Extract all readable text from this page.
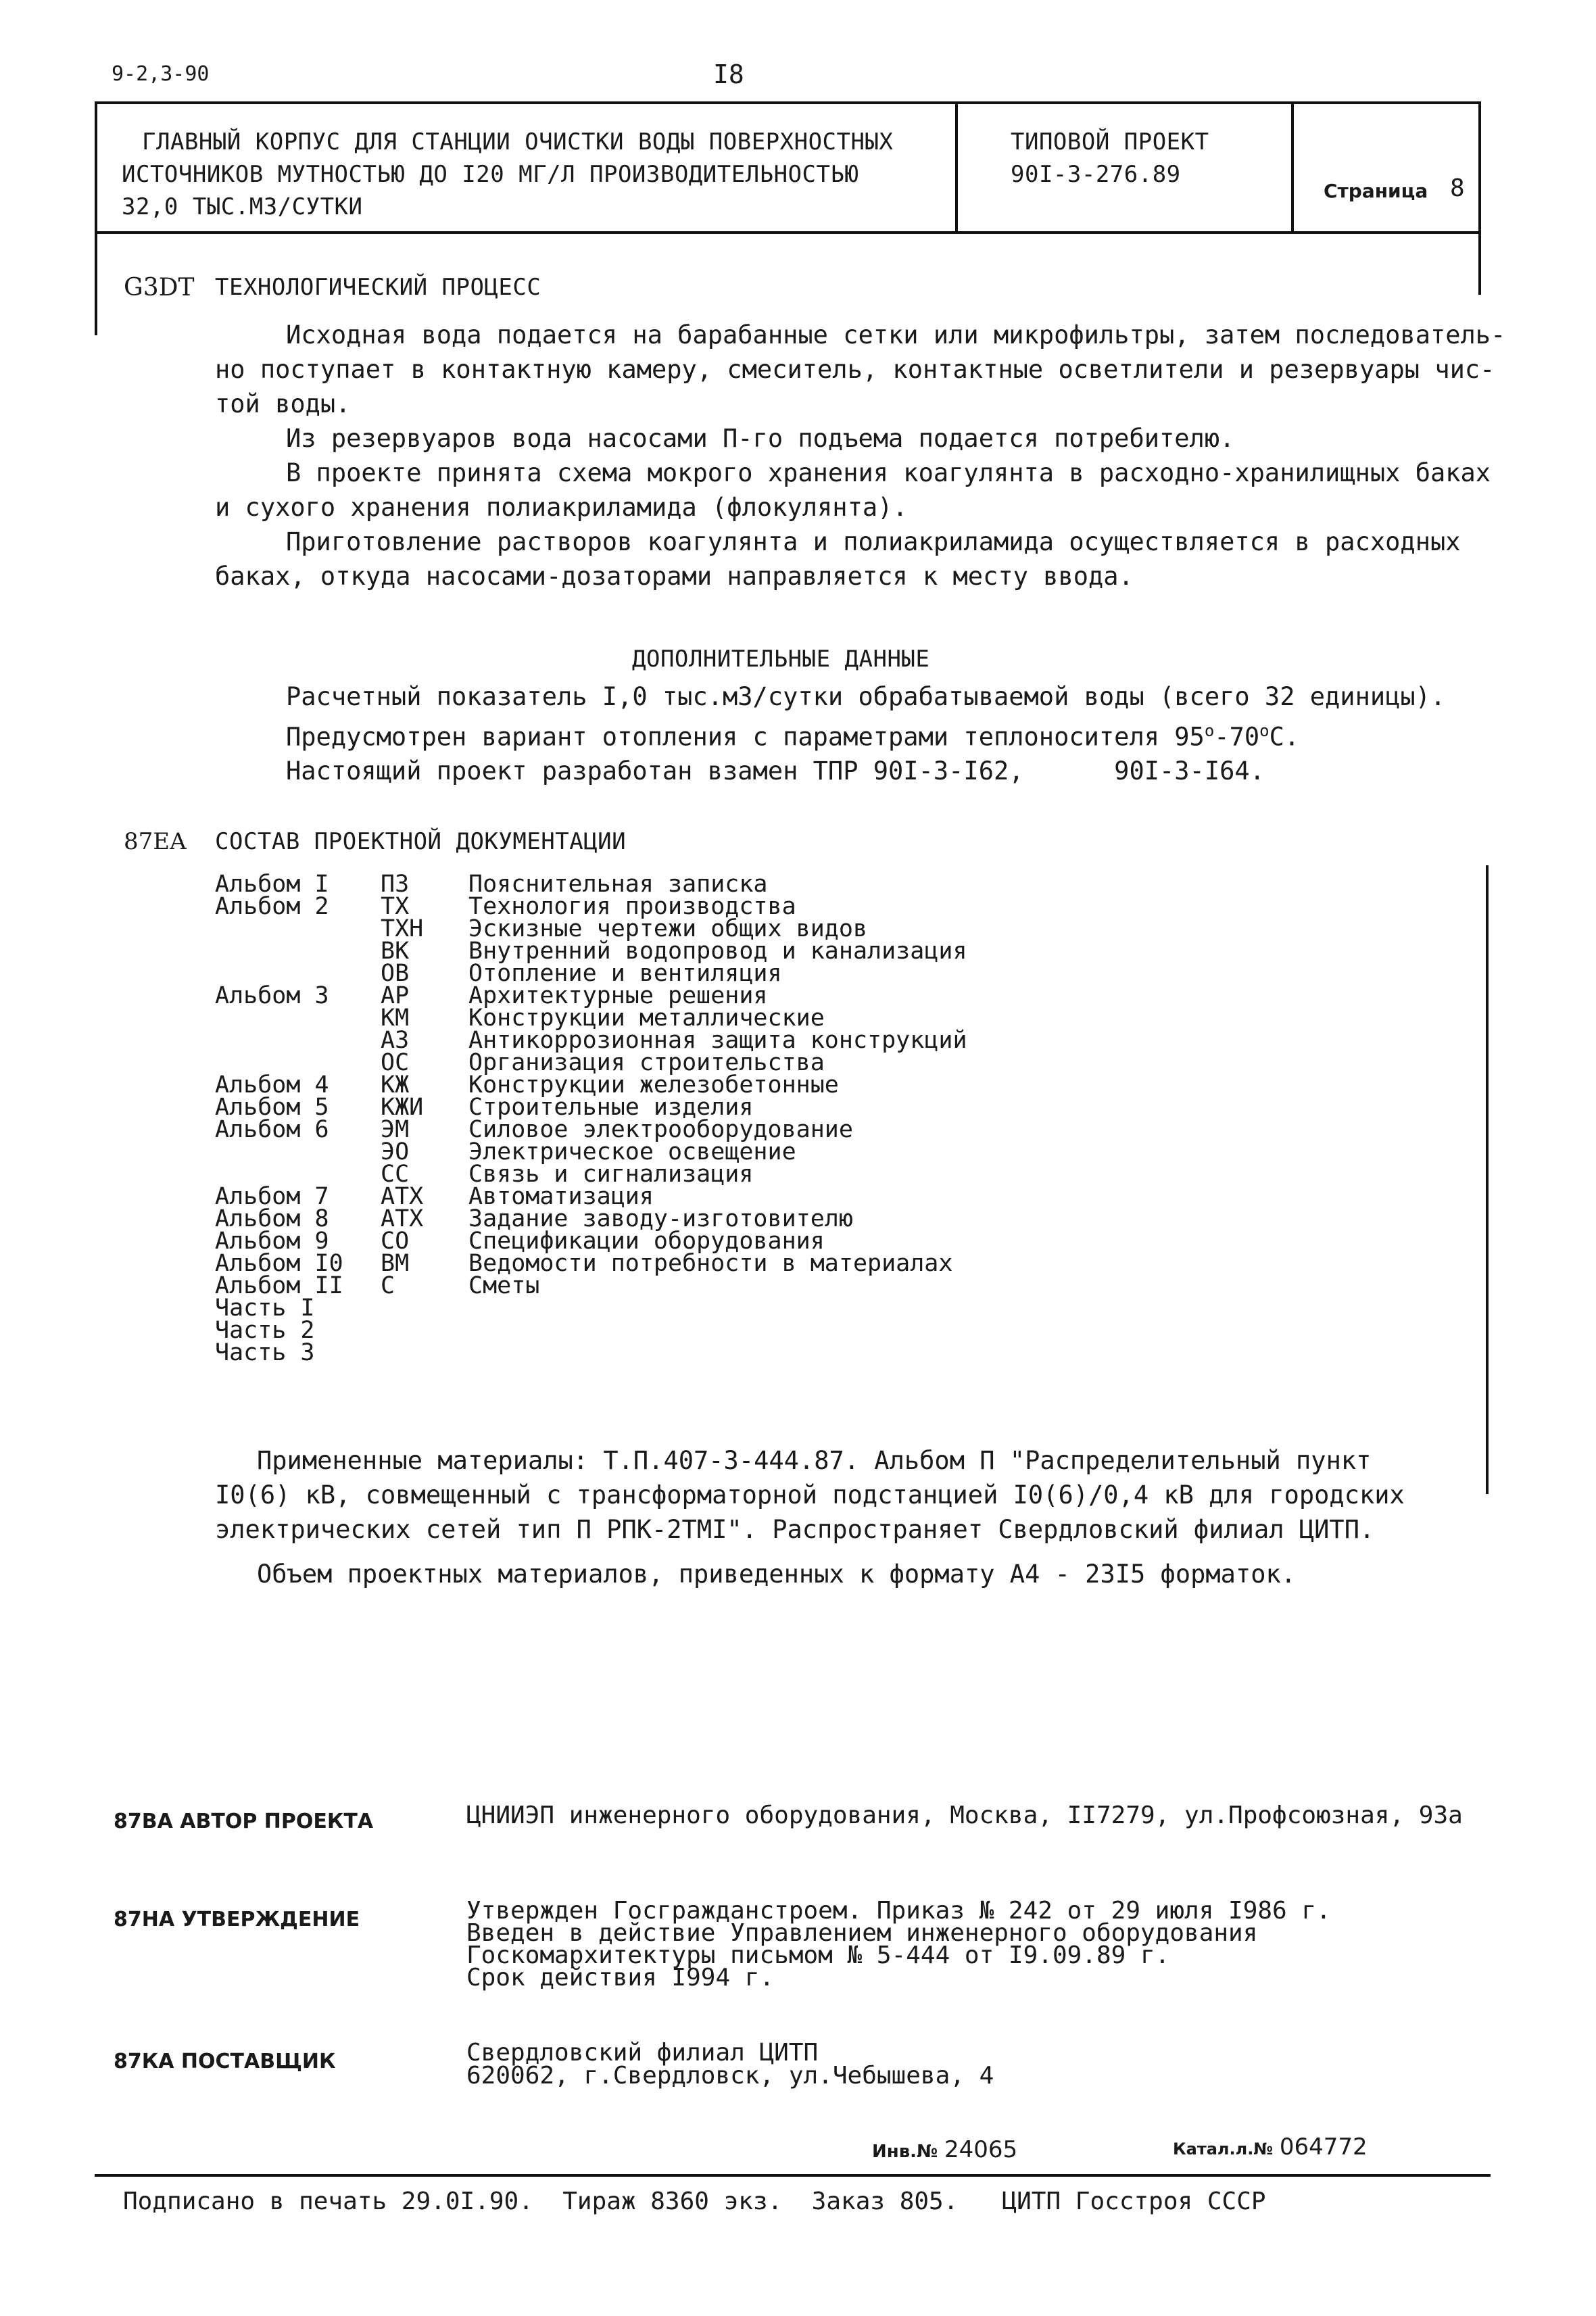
9-2,3-90	I8
ГЛАВНЫЙ КОРПУС ДЛЯ СТАНЦИИ ОЧИСТКИ ВОДЫ ПОВЕРХНОСТНЫХ
ИСТОЧНИКОВ МУТНОСТЬЮ ДО I20 МГ/Л ПРОИЗВОДИТЕЛЬНОСТЬЮ
32,0 ТЫС.М3/СУТКИ
ТИПОВОЙ ПРОЕКТ
90I-3-276.89
Страница 8
G3DT ТЕХНОЛОГИЧЕСКИЙ ПРОЦЕСС
Исходная вода подается на барабанные сетки или микрофильтры, затем последователь-
но поступает в контактную камеру, смеситель, контактные осветлители и резервуары чис-
той воды.
Из резервуаров вода насосами П-го подъема подается потребителю.
В проекте принята схема мокрого хранения коагулянта в расходно-хранилищных баках
и сухого хранения полиакриламида (флокулянта).
Приготовление растворов коагулянта и полиакриламида осуществляется в расходных
баках, откуда насосами-дозаторами направляется к месту ввода.
ДОПОЛНИТЕЛЬНЫЕ ДАННЫЕ
Расчетный показатель I,0 тыс.м3/сутки обрабатываемой воды (всего 32 единицы).
Предусмотрен вариант отопления с параметрами теплоносителя $95^о-70^оС$.
Настоящий проект разработан взамен ТПР 90I-3-I62,      90I-3-I64.
87EA СОСТАВ ПРОЕКТНОЙ ДОКУМЕНТАЦИИ
Альбом I	ПЗ	Пояснительная записка
Альбом 2	ТХ	Технология производства
	ТХН	Эскизные чертежи общих видов
	ВК	Внутренний водопровод и канализация
	ОВ	Отопление и вентиляция
Альбом 3	АР	Архитектурные решения
	КМ	Конструкции металлические
	АЗ	Антикоррозионная защита конструкций
	ОС	Организация строительства
Альбом 4	КЖ	Конструкции железобетонные
Альбом 5	КЖИ	Строительные изделия
Альбом 6	ЭМ	Силовое электрооборудование
	ЭО	Электрическое освещение
	СС	Связь и сигнализация
Альбом 7	АТХ	Автоматизация
Альбом 8	АТХ	Задание заводу-изготовителю
Альбом 9	СО	Спецификации оборудования
Альбом I0	ВМ	Ведомости потребности в материалах
Альбом II	С	Сметы
Часть I		
Часть 2		
Часть 3		
Примененные материалы: Т.П.407-3-444.87. Альбом П "Распределительный пункт
I0(6) кВ, совмещенный с трансформаторной подстанцией I0(6)/0,4 кВ для городских
электрических сетей тип П РПК-2ТМI". Распространяет Свердловский филиал ЦИТП.
Объем проектных материалов, приведенных к формату А4 - 23I5 форматок.
87ВА АВТОР ПРОЕКТА	ЦНИИЭП инженерного оборудования, Москва, II7279, ул.Профсоюзная, 93а
87НА УТВЕРЖДЕНИЕ	Утвержден Госгражданстроем. Приказ № 242 от 29 июля I986 г.
Введен в действие Управлением инженерного оборудования
Госкомархитектуры письмом № 5-444 от I9.09.89 г.
Срок действия I994 г.
87КА ПОСТАВЩИК	Свердловский филиал ЦИТП
620062, г.Свердловск, ул.Чебышева, 4
Инв.№ 24065	Катал.л.№ 064772
Подписано в печать 29.0I.90.  Тираж 8360 экз.  Заказ 805.   ЦИТП Госстроя СССР
